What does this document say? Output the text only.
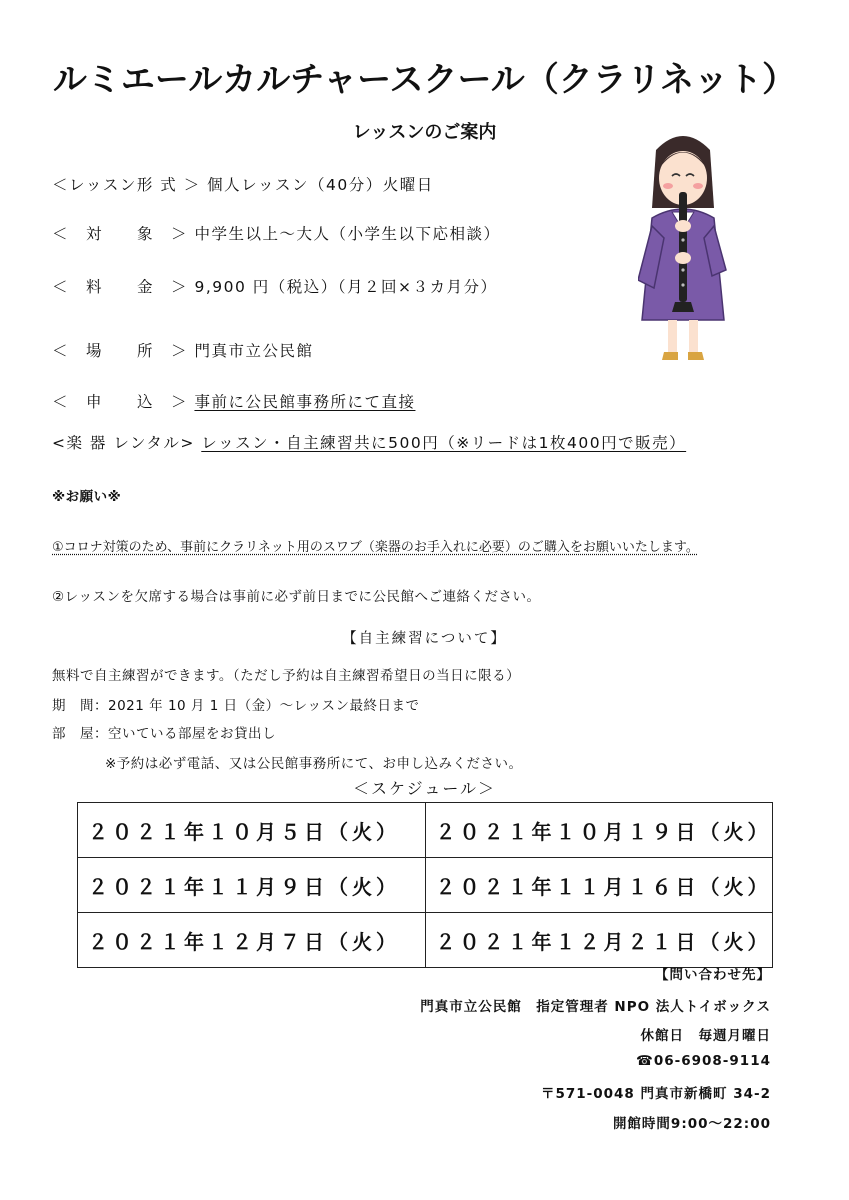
ルミエールカルチャースクール（クラリネット）
レッスンのご案内
＜レッスン形 式 ＞ 個人レッスン（40分）火曜日
＜　対　　象　＞ 中学生以上～大人（小学生以下応相談）
＜　料　　金　＞ 9,900 円（税込）（月２回×３カ月分）
＜　場　　所　＞ 門真市立公民館
＜　申　　込　＞ 事前に公民館事務所にて直接
<楽 器 レンタル> レッスン・自主練習共に500円（※リードは1枚400円で販売）
※お願い※
①コロナ対策のため、事前にクラリネット用のスワブ（楽器のお手入れに必要）のご購入をお願いいたします。
②レッスンを欠席する場合は事前に必ず前日までに公民館へご連絡ください。
【自主練習について】
無料で自主練習ができます。（ただし予約は自主練習希望日の当日に限る）
期　間：2021 年 10 月 1 日（金）～レッスン最終日まで
部　屋：空いている部屋をお貸出し
※予約は必ず電話、又は公民館事務所にて、お申し込みください。
＜スケジュール＞
２０２１年１０月５日（火）	２０２１年１０月１９日（火）
２０２１年１１月９日（火）	２０２１年１１月１６日（火）
２０２１年１２月７日（火）	２０２１年１２月２１日（火）
【問い合わせ先】
門真市立公民館　指定管理者 NPO 法人トイボックス
休館日　毎週月曜日
☎06-6908-9114
〒571-0048 門真市新橋町 34-2
開館時間9:00～22:00
